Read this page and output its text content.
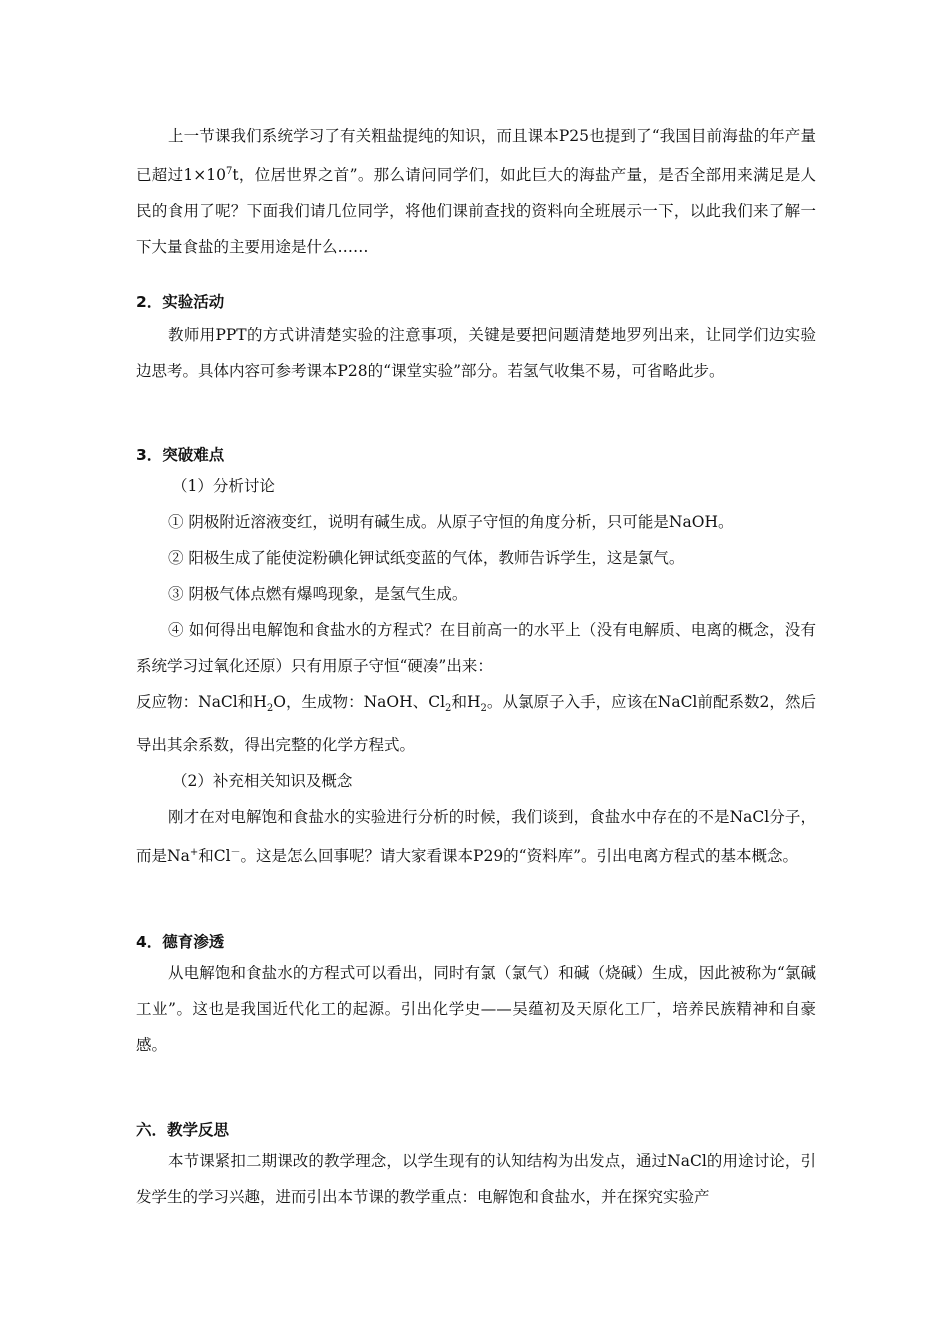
上一节课我们系统学习了有关粗盐提纯的知识，而且课本P25也提到了“我国目前海盐的年产量已超过$1\times 10^7t$，位居世界之首”。那么请问同学们，如此巨大的海盐产量，是否全部用来满足是人民的食用了呢？下面我们请几位同学，将他们课前查找的资料向全班展示一下，以此我们来了解一下大量食盐的主要用途是什么……

2．实验活动

教师用PPT的方式讲清楚实验的注意事项，关键是要把问题清楚地罗列出来，让同学们边实验边思考。具体内容可参考课本P28的“课堂实验”部分。若氢气收集不易，可省略此步。

3．突破难点

（1）分析讨论

① 阴极附近溶液变红，说明有碱生成。从原子守恒的角度分析，只可能是NaOH。

② 阳极生成了能使淀粉碘化钾试纸变蓝的气体，教师告诉学生，这是氯气。

③ 阴极气体点燃有爆鸣现象，是氢气生成。

④ 如何得出电解饱和食盐水的方程式？在目前高一的水平上（没有电解质、电离的概念，没有系统学习过氧化还原）只有用原子守恒“硬凑”出来：

反应物：NaCl和$H_2O$，生成物：NaOH、$Cl_2$和$H_2$。从氯原子入手，应该在NaCl前配系数2，然后导出其余系数，得出完整的化学方程式。

（2）补充相关知识及概念

刚才在对电解饱和食盐水的实验进行分析的时候，我们谈到，食盐水中存在的不是NaCl分子，而是Na+和Cl－。这是怎么回事呢？请大家看课本P29的“资料库”。引出电离方程式的基本概念。

4．德育渗透

从电解饱和食盐水的方程式可以看出，同时有氯（氯气）和碱（烧碱）生成，因此被称为“氯碱工业”。这也是我国近代化工的起源。引出化学史——吴蕴初及天原化工厂，培养民族精神和自豪感。

六．教学反思

本节课紧扣二期课改的教学理念，以学生现有的认知结构为出发点，通过NaCl的用途讨论，引发学生的学习兴趣，进而引出本节课的教学重点：电解饱和食盐水，并在探究实验产
